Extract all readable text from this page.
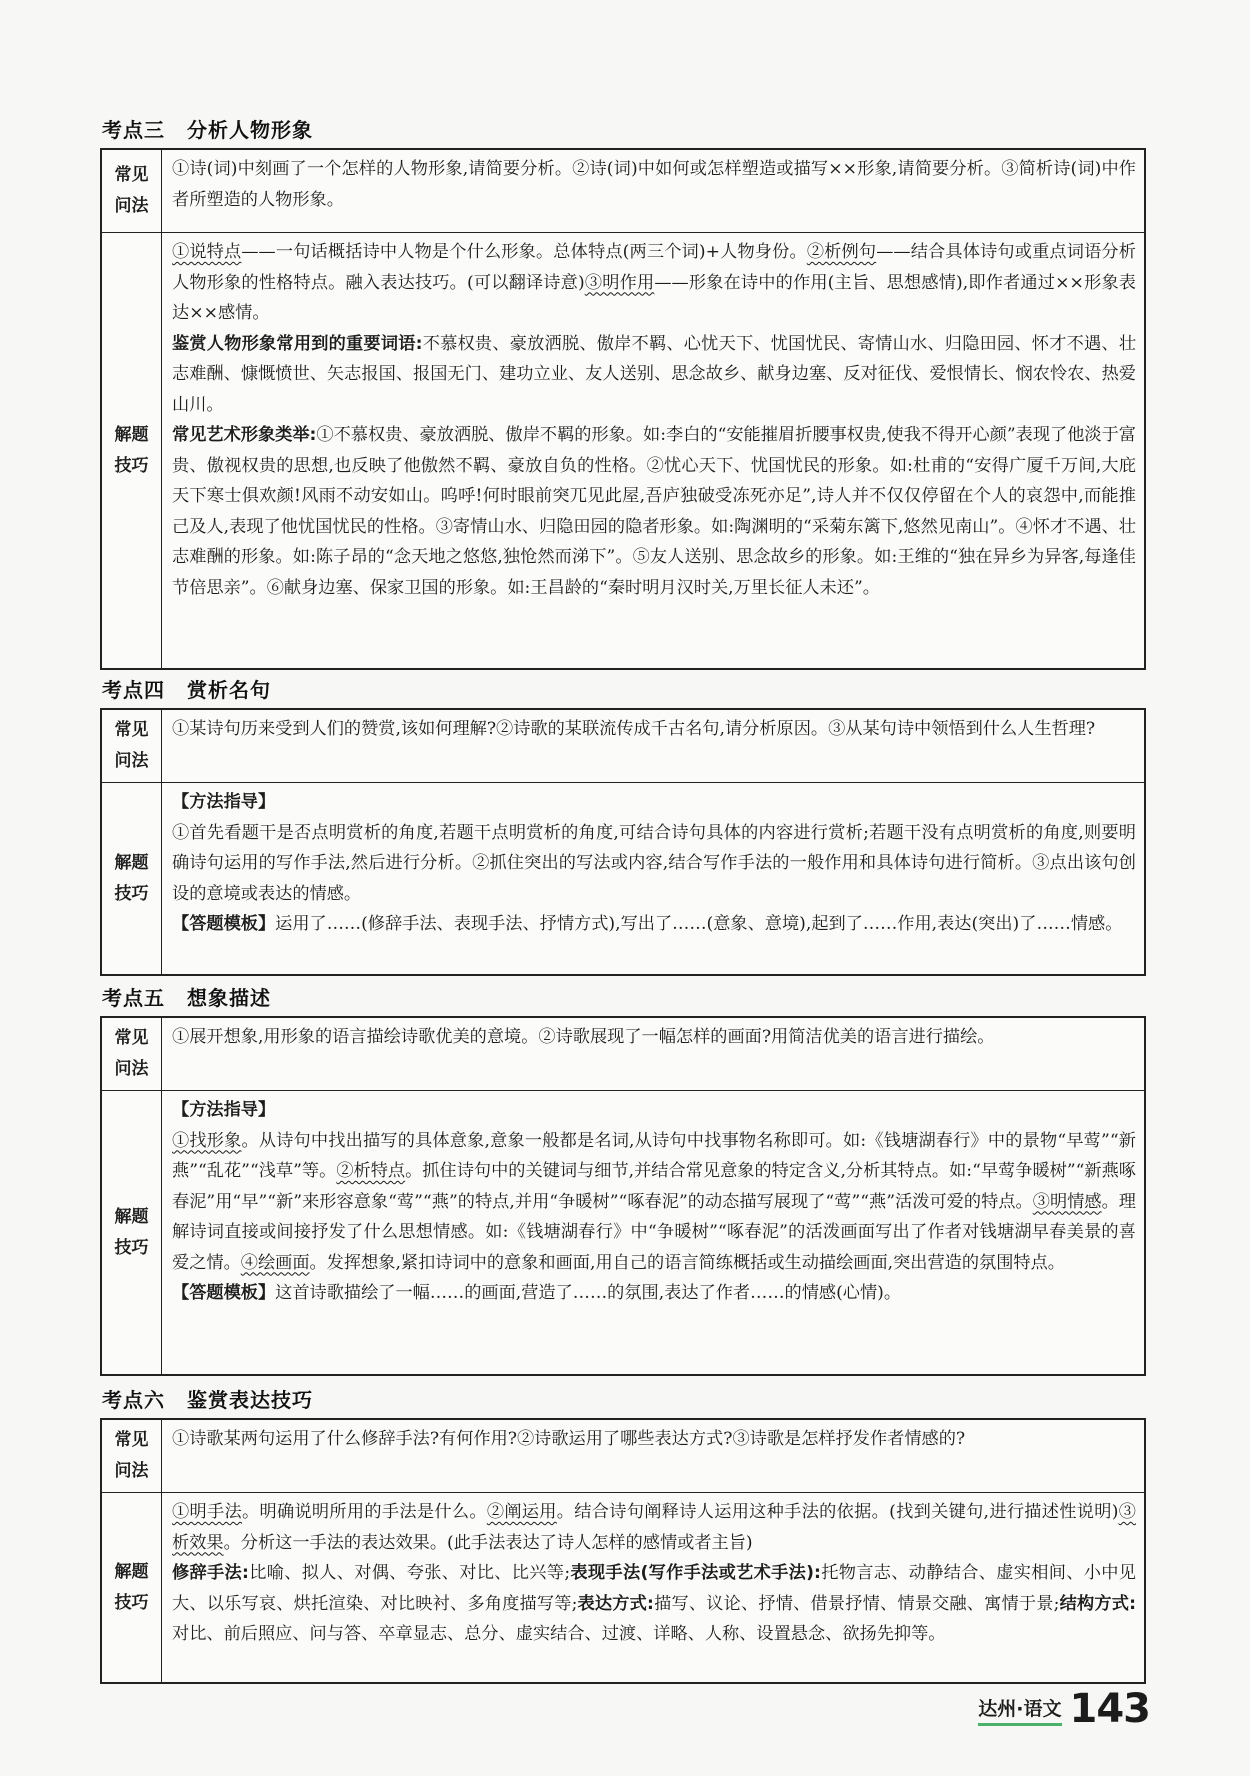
考点三 分析人物形象
常见问法

①诗(词)中刻画了一个怎样的人物形象,请简要分析。②诗(词)中如何或怎样塑造或描写××形象,请简要分析。③简析诗(词)中作者所塑造的人物形象。

解题技巧

①说特点——一句话概括诗中人物是个什么形象。总体特点(两三个词)+人物身份。②析例句——结合具体诗句或重点词语分析人物形象的性格特点。融入表达技巧。(可以翻译诗意)③明作用——形象在诗中的作用(主旨、思想感情),即作者通过××形象表达××感情。

鉴赏人物形象常用到的重要词语:不慕权贵、豪放洒脱、傲岸不羁、心忧天下、忧国忧民、寄情山水、归隐田园、怀才不遇、壮志难酬、慷慨愤世、矢志报国、报国无门、建功立业、友人送别、思念故乡、献身边塞、反对征伐、爱恨情长、悯农怜农、热爱山川。

常见艺术形象类举:①不慕权贵、豪放洒脱、傲岸不羁的形象。如:李白的“安能摧眉折腰事权贵,使我不得开心颜”表现了他淡于富贵、傲视权贵的思想,也反映了他傲然不羁、豪放自负的性格。②忧心天下、忧国忧民的形象。如:杜甫的“安得广厦千万间,大庇天下寒士俱欢颜!风雨不动安如山。呜呼!何时眼前突兀见此屋,吾庐独破受冻死亦足”,诗人并不仅仅停留在个人的哀怨中,而能推己及人,表现了他忧国忧民的性格。③寄情山水、归隐田园的隐者形象。如:陶渊明的“采菊东篱下,悠然见南山”。④怀才不遇、壮志难酬的形象。如:陈子昂的“念天地之悠悠,独怆然而涕下”。⑤友人送别、思念故乡的形象。如:王维的“独在异乡为异客,每逢佳节倍思亲”。⑥献身边塞、保家卫国的形象。如:王昌龄的“秦时明月汉时关,万里长征人未还”。

考点四 赏析名句
常见问法

①某诗句历来受到人们的赞赏,该如何理解?②诗歌的某联流传成千古名句,请分析原因。③从某句诗中领悟到什么人生哲理?

解题技巧

【方法指导】

①首先看题干是否点明赏析的角度,若题干点明赏析的角度,可结合诗句具体的内容进行赏析;若题干没有点明赏析的角度,则要明确诗句运用的写作手法,然后进行分析。②抓住突出的写法或内容,结合写作手法的一般作用和具体诗句进行简析。③点出该句创设的意境或表达的情感。

【答题模板】运用了……(修辞手法、表现手法、抒情方式),写出了……(意象、意境),起到了……作用,表达(突出)了……情感。

考点五 想象描述
常见问法

①展开想象,用形象的语言描绘诗歌优美的意境。②诗歌展现了一幅怎样的画面?用简洁优美的语言进行描绘。

解题技巧

【方法指导】

①找形象。从诗句中找出描写的具体意象,意象一般都是名词,从诗句中找事物名称即可。如:《钱塘湖春行》中的景物“早莺”“新燕”“乱花”“浅草”等。②析特点。抓住诗句中的关键词与细节,并结合常见意象的特定含义,分析其特点。如:“早莺争暖树”“新燕啄春泥”用“早”“新”来形容意象“莺”“燕”的特点,并用“争暖树”“啄春泥”的动态描写展现了“莺”“燕”活泼可爱的特点。③明情感。理解诗词直接或间接抒发了什么思想情感。如:《钱塘湖春行》中“争暖树”“啄春泥”的活泼画面写出了作者对钱塘湖早春美景的喜爱之情。④绘画面。发挥想象,紧扣诗词中的意象和画面,用自己的语言简练概括或生动描绘画面,突出营造的氛围特点。

【答题模板】这首诗歌描绘了一幅……的画面,营造了……的氛围,表达了作者……的情感(心情)。

考点六 鉴赏表达技巧
常见问法

①诗歌某两句运用了什么修辞手法?有何作用?②诗歌运用了哪些表达方式?③诗歌是怎样抒发作者情感的?

解题技巧

①明手法。明确说明所用的手法是什么。②阐运用。结合诗句阐释诗人运用这种手法的依据。(找到关键句,进行描述性说明)③析效果。分析这一手法的表达效果。(此手法表达了诗人怎样的感情或者主旨)

修辞手法:比喻、拟人、对偶、夸张、对比、比兴等;表现手法(写作手法或艺术手法):托物言志、动静结合、虚实相间、小中见大、以乐写哀、烘托渲染、对比映衬、多角度描写等;表达方式:描写、议论、抒情、借景抒情、情景交融、寓情于景;结构方式:对比、前后照应、问与答、卒章显志、总分、虚实结合、过渡、详略、人称、设置悬念、欲扬先抑等。

达州·语文 143
